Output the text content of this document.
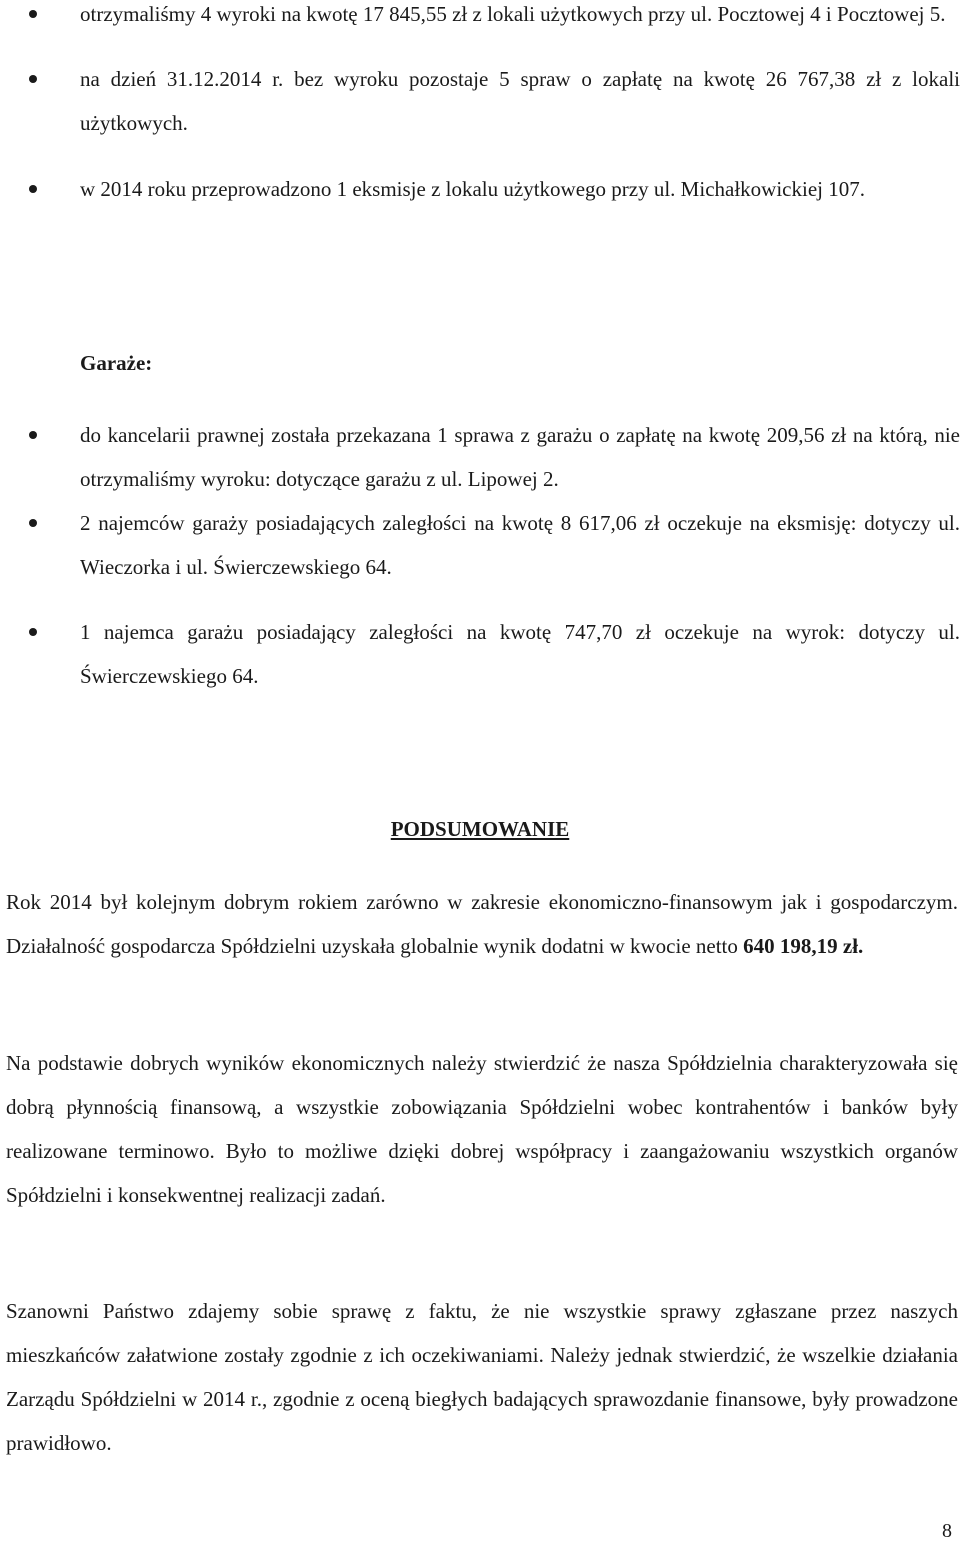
otrzymaliśmy 4 wyroki na kwotę 17 845,55 zł z lokali użytkowych przy ul. Pocztowej 4 i Pocztowej 5.
na dzień 31.12.2014 r. bez wyroku pozostaje 5 spraw o zapłatę na kwotę 26 767,38 zł z lokali użytkowych.
w 2014 roku przeprowadzono 1 eksmisje z lokalu użytkowego przy ul. Michałkowickiej 107.
Garaże:
do kancelarii prawnej została przekazana 1 sprawa z garażu o zapłatę na kwotę 209,56 zł na którą, nie otrzymaliśmy wyroku: dotyczące garażu z ul. Lipowej 2.
2 najemców garaży posiadających zaległości na kwotę 8 617,06 zł oczekuje na eksmisję: dotyczy ul. Wieczorka i ul. Świerczewskiego 64.
1 najemca garażu posiadający zaległości na kwotę 747,70 zł oczekuje na wyrok: dotyczy ul. Świerczewskiego 64.
PODSUMOWANIE

Rok 2014 był kolejnym dobrym rokiem zarówno w zakresie ekonomiczno-finansowym jak i gospodarczym. Działalność gospodarcza Spółdzielni uzyskała globalnie wynik dodatni w kwocie netto 640 198,19 zł.

Na podstawie dobrych wyników ekonomicznych należy stwierdzić że nasza Spółdzielnia charakteryzowała się dobrą płynnością finansową, a wszystkie zobowiązania Spółdzielni wobec kontrahentów i banków były realizowane terminowo. Było to możliwe dzięki dobrej współpracy i zaangażowaniu wszystkich organów Spółdzielni i konsekwentnej realizacji zadań.

Szanowni Państwo zdajemy sobie sprawę z faktu, że nie wszystkie sprawy zgłaszane przez naszych mieszkańców załatwione zostały zgodnie z ich oczekiwaniami. Należy jednak stwierdzić, że wszelkie działania Zarządu Spółdzielni w 2014 r., zgodnie z oceną biegłych badających sprawozdanie finansowe, były prowadzone prawidłowo.

8
